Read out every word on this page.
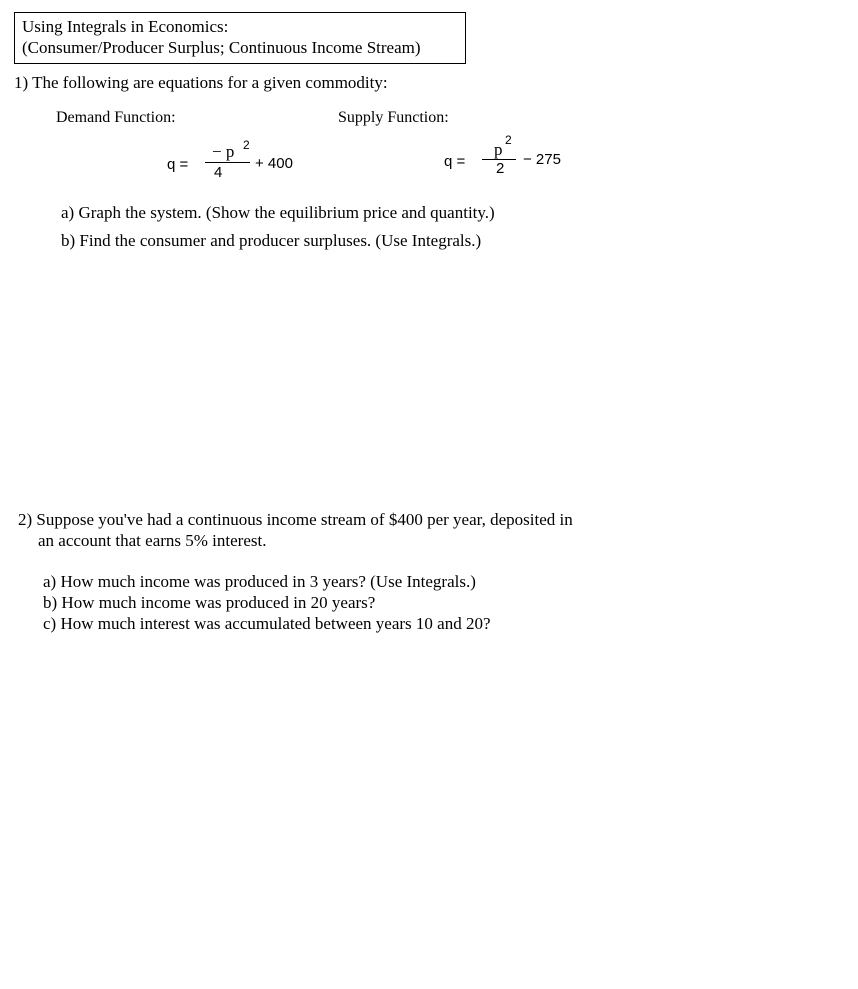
Using Integrals in Economics:
(Consumer/Producer Surplus; Continuous Income Stream)
1) The following are equations for a given commodity:
Demand Function:	Supply Function:
q =
− p 2
4
+ 400	q =
p 2
2
− 275
a) Graph the system. (Show the equilibrium price and quantity.)
b) Find the consumer and producer surpluses. (Use Integrals.)
2) Suppose you've had a continuous income stream of $400 per year, deposited in
an account that earns 5% interest.
a) How much income was produced in 3 years? (Use Integrals.)
b) How much income was produced in 20 years?
c) How much interest was accumulated between years 10 and 20?
